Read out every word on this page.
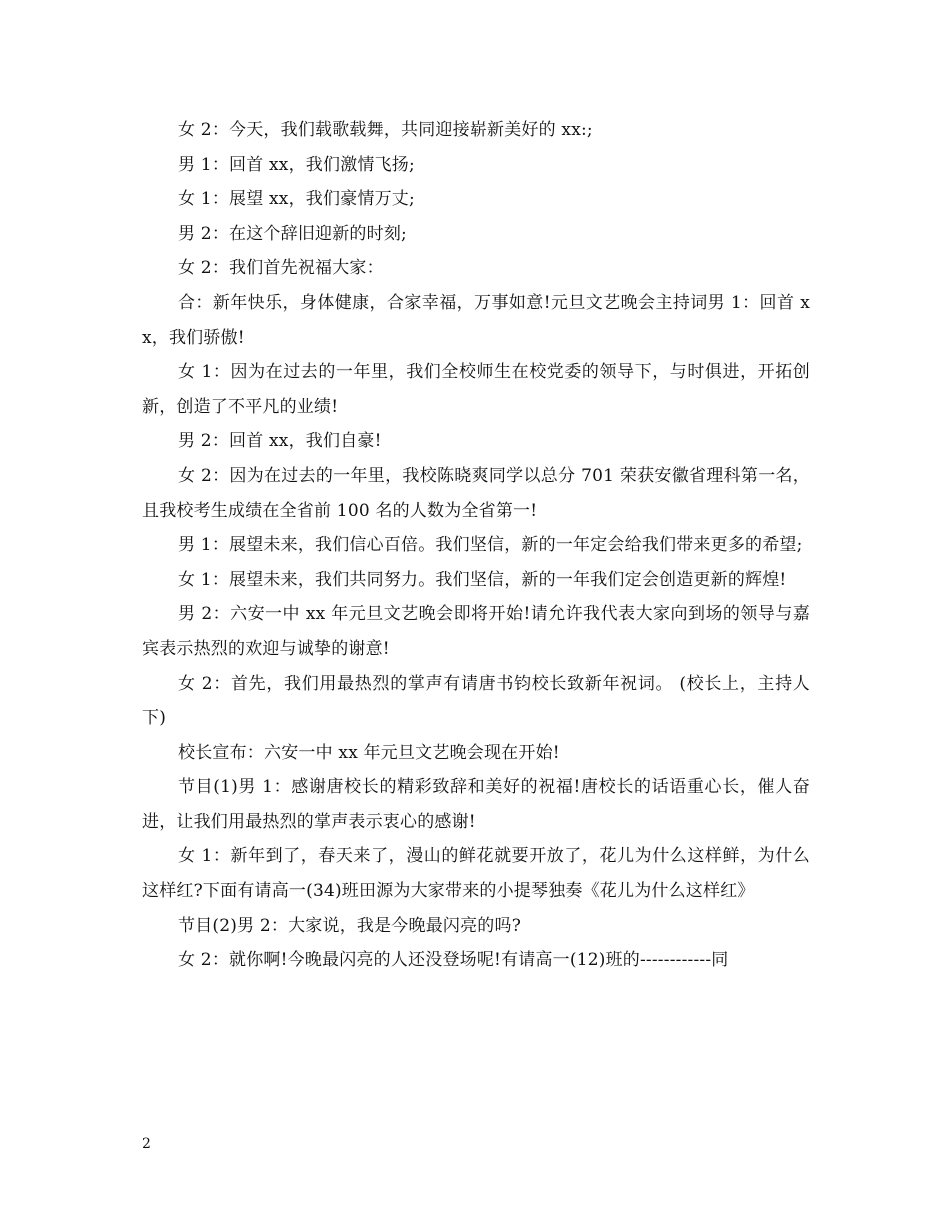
女 2：今天，我们载歌载舞，共同迎接崭新美好的 xx:;

男 1：回首 xx，我们激情飞扬;

女 1：展望 xx，我们豪情万丈;

男 2：在这个辞旧迎新的时刻;

女 2：我们首先祝福大家：

合：新年快乐，身体健康，合家幸福，万事如意!元旦文艺晚会主持词男 1：回首 xx，我们骄傲!

女 1：因为在过去的一年里，我们全校师生在校党委的领导下，与时俱进，开拓创新，创造了不平凡的业绩!

男 2：回首 xx，我们自豪!

女 2：因为在过去的一年里，我校陈晓爽同学以总分 701 荣获安徽省理科第一名，且我校考生成绩在全省前 100 名的人数为全省第一!

男 1：展望未来，我们信心百倍。我们坚信，新的一年定会给我们带来更多的希望;

女 1：展望未来，我们共同努力。我们坚信，新的一年我们定会创造更新的辉煌!

男 2：六安一中 xx 年元旦文艺晚会即将开始!请允许我代表大家向到场的领导与嘉宾表示热烈的欢迎与诚挚的谢意!

女 2：首先，我们用最热烈的掌声有请唐书钧校长致新年祝词。 (校长上，主持人下)

校长宣布：六安一中 xx 年元旦文艺晚会现在开始!

节目(1)男 1：感谢唐校长的精彩致辞和美好的祝福!唐校长的话语重心长，催人奋进，让我们用最热烈的掌声表示衷心的感谢!

女 1：新年到了，春天来了，漫山的鲜花就要开放了，花儿为什么这样鲜，为什么这样红?下面有请高一(34)班田源为大家带来的小提琴独奏《花儿为什么这样红》

节目(2)男 2：大家说，我是今晚最闪亮的吗?

女 2：就你啊!今晚最闪亮的人还没登场呢!有请高一(12)班的------------同

2
